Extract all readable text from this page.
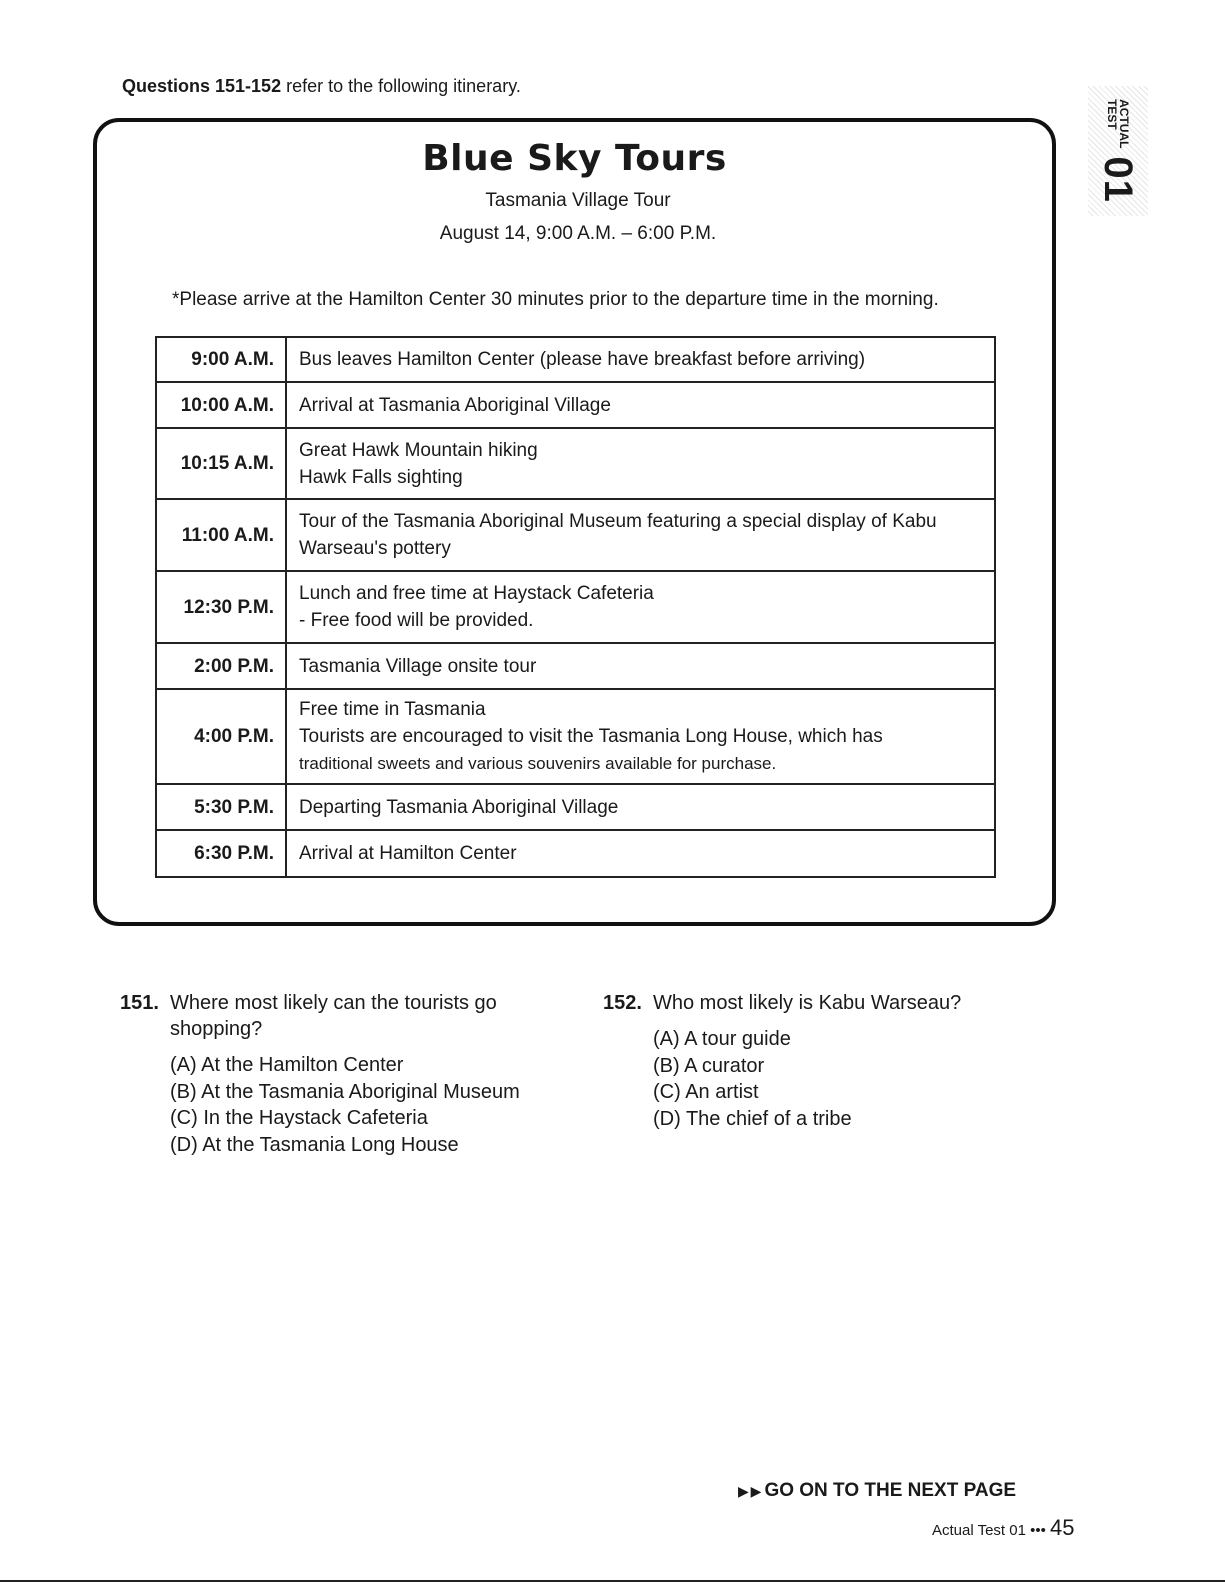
Questions 151-152 refer to the following itinerary.
ACTUAL
TEST
01
Blue Sky Tours
Tasmania Village Tour
August 14, 9:00 A.M. – 6:00 P.M.
*Please arrive at the Hamilton Center 30 minutes prior to the departure time in the morning.
9:00 A.M.	Bus leaves Hamilton Center (please have breakfast before arriving)

10:00 A.M.	Arrival at Tasmania Aboriginal Village

10:15 A.M.	Great Hawk Mountain hiking
Hawk Falls sighting

11:00 A.M.	Tour of the Tasmania Aboriginal Museum featuring a special display of Kabu
Warseau's pottery

12:30 P.M.	Lunch and free time at Haystack Cafeteria
- Free food will be provided.

2:00 P.M.	Tasmania Village onsite tour

4:00 P.M.	Free time in Tasmania
Tourists are encouraged to visit the Tasmania Long House, which has
traditional sweets and various souvenirs available for purchase.

5:30 P.M.	Departing Tasmania Aboriginal Village

6:30 P.M.	Arrival at Hamilton Center
151. Where most likely can the tourists go shopping?
(A) At the Hamilton Center
(B) At the Tasmania Aboriginal Museum
(C) In the Haystack Cafeteria
(D) At the Tasmania Long House
152. Who most likely is Kabu Warseau?
(A) A tour guide
(B) A curator
(C) An artist
(D) The chief of a tribe
▶ ▶ GO ON TO THE NEXT PAGE
Actual Test 01 ••• 45
